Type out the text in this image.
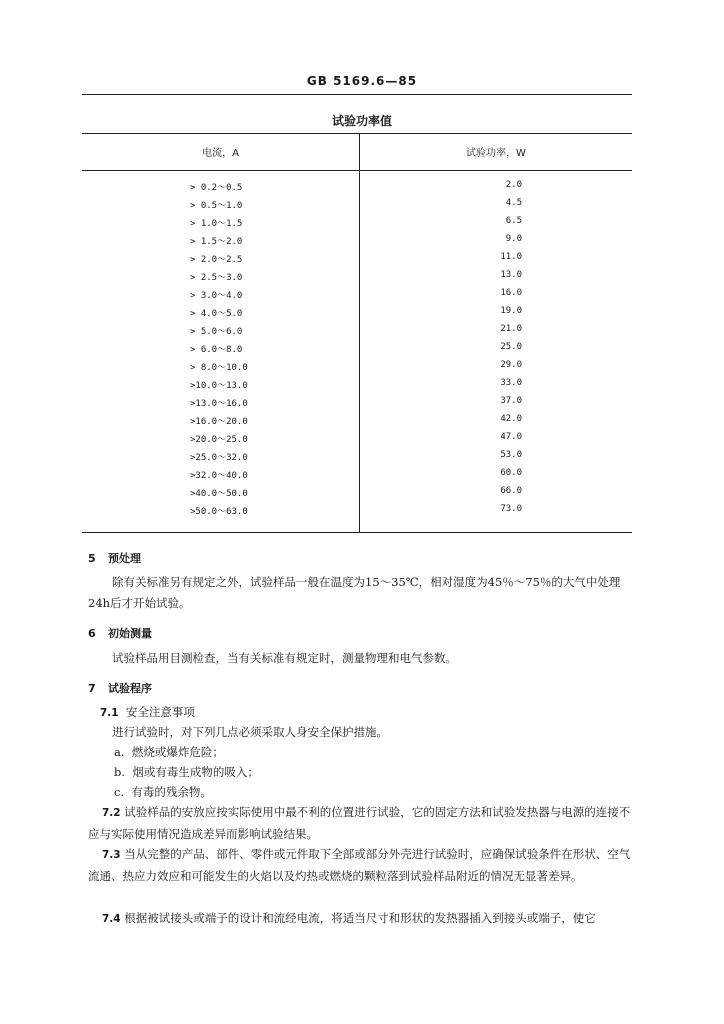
GB 5169.6—85
试验功率值
电流，A	试验功率，W
> 0.2～0.5	2.0
> 0.5～1.0	4.5
> 1.0～1.5	6.5
> 1.5～2.0	9.0
> 2.0～2.5	11.0
> 2.5～3.0	13.0
> 3.0～4.0	16.0
> 4.0～5.0	19.0
> 5.0～6.0	21.0
> 6.0～8.0	25.0
> 8.0～10.0	29.0
>10.0～13.0	33.0
>13.0～16.0	37.0
>16.0～20.0	42.0
>20.0～25.0	47.0
>25.0～32.0	53.0
>32.0～40.0	60.0
>40.0～50.0	66.0
>50.0～63.0	73.0
5 预处理
除有关标准另有规定之外，试验样品一般在温度为15～35℃，相对湿度为45％～75％的大气中处理24h后才开始试验。
6 初始测量
试验样品用目测检查，当有关标准有规定时，测量物理和电气参数。
7 试验程序
7.1 安全注意事项
进行试验时，对下列几点必须采取人身安全保护措施。
a. 燃烧或爆炸危险；
b. 烟或有毒生成物的吸入；
c. 有毒的残余物。
7.2 试验样品的安放应按实际使用中最不利的位置进行试验，它的固定方法和试验发热器与电源的连接不应与实际使用情况造成差异而影响试验结果。
7.3 当从完整的产品、部件、零件或元件取下全部或部分外壳进行试验时，应确保试验条件在形状、空气流通、热应力效应和可能发生的火焰以及灼热或燃烧的颗粒落到试验样品附近的情况无显著差异。
7.4 根据被试接头或端子的设计和流经电流，将适当尺寸和形状的发热器插入到接头或端子，使它
